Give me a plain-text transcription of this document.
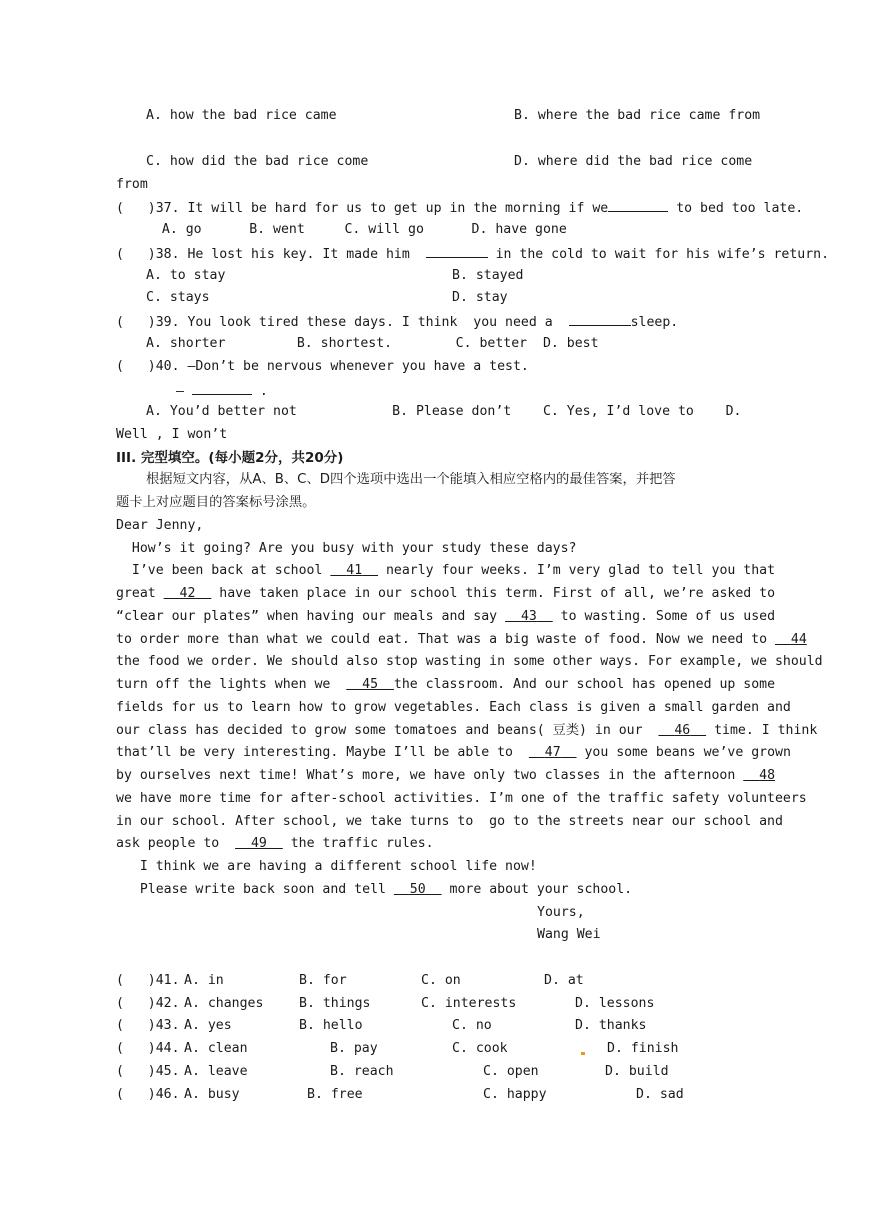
A. how the bad rice came	B. where the bad rice came from
C. how did the bad rice come	D. where did the bad rice come
from
(   )37. It will be hard for us to get up in the morning if we	to bed too late.
A. go      B. went     C. will go      D. have gone
(   )38. He lost his key. It made him	in the cold to wait for his wife’s return.
A. to stay	B. stayed
C. stays	D. stay
(   )39. You look tired these days. I think  you need a	sleep.
A. shorter         B. shortest.        C. better  D. best
(   )40. —Don’t be nervous whenever you have a test.
—	.
A. You’d better not            B. Please don’t    C. Yes, I’d love to    D.
Well , I won’t
III. 完型填空。(每小题2分，共20分)
根据短文内容，从A、B、C、D四个选项中选出一个能填入相应空格内的最佳答案，并把答
题卡上对应题目的答案标号涂黑。
Dear Jenny,
How’s it going? Are you busy with your study these days?
I’ve been back at school   41   nearly four weeks. I’m very glad to tell you that
great   42   have taken place in our school this term. First of all, we’re asked to
“clear our plates” when having our meals and say   43   to wasting. Some of us used
to order more than what we could eat. That was a big waste of food. Now we need to   44
the food we order. We should also stop wasting in some other ways. For example, we should
turn off the lights when we    45 the classroom. And our school has opened up some
fields for us to learn how to grow vegetables. Each class is given a small garden and
our class has decided to grow some tomatoes and beans( 豆类) in our    46   time. I think
that’ll be very interesting. Maybe I’ll be able to    47   you some beans we’ve grown
by ourselves next time! What’s more, we have only two classes in the afternoon   48
we have more time for after-school activities. I’m one of the traffic safety volunteers
in our school. After school, we take turns to  go to the streets near our school and
ask people to    49   the traffic rules.
I think we are having a different school life now!
Please write back soon and tell   50   more about your school.
Yours,
Wang Wei
(   )41. A. in	B. for	C. on	D. at
(   )42. A. changes	B. things	C. interests	D. lessons
(   )43. A. yes	B. hello	C. no	D. thanks
(   )44. A. clean	B. pay	C. cook	D. finish
(   )45. A. leave	B. reach	C. open	D. build
(   )46. A. busy	B. free	C. happy	D. sad
